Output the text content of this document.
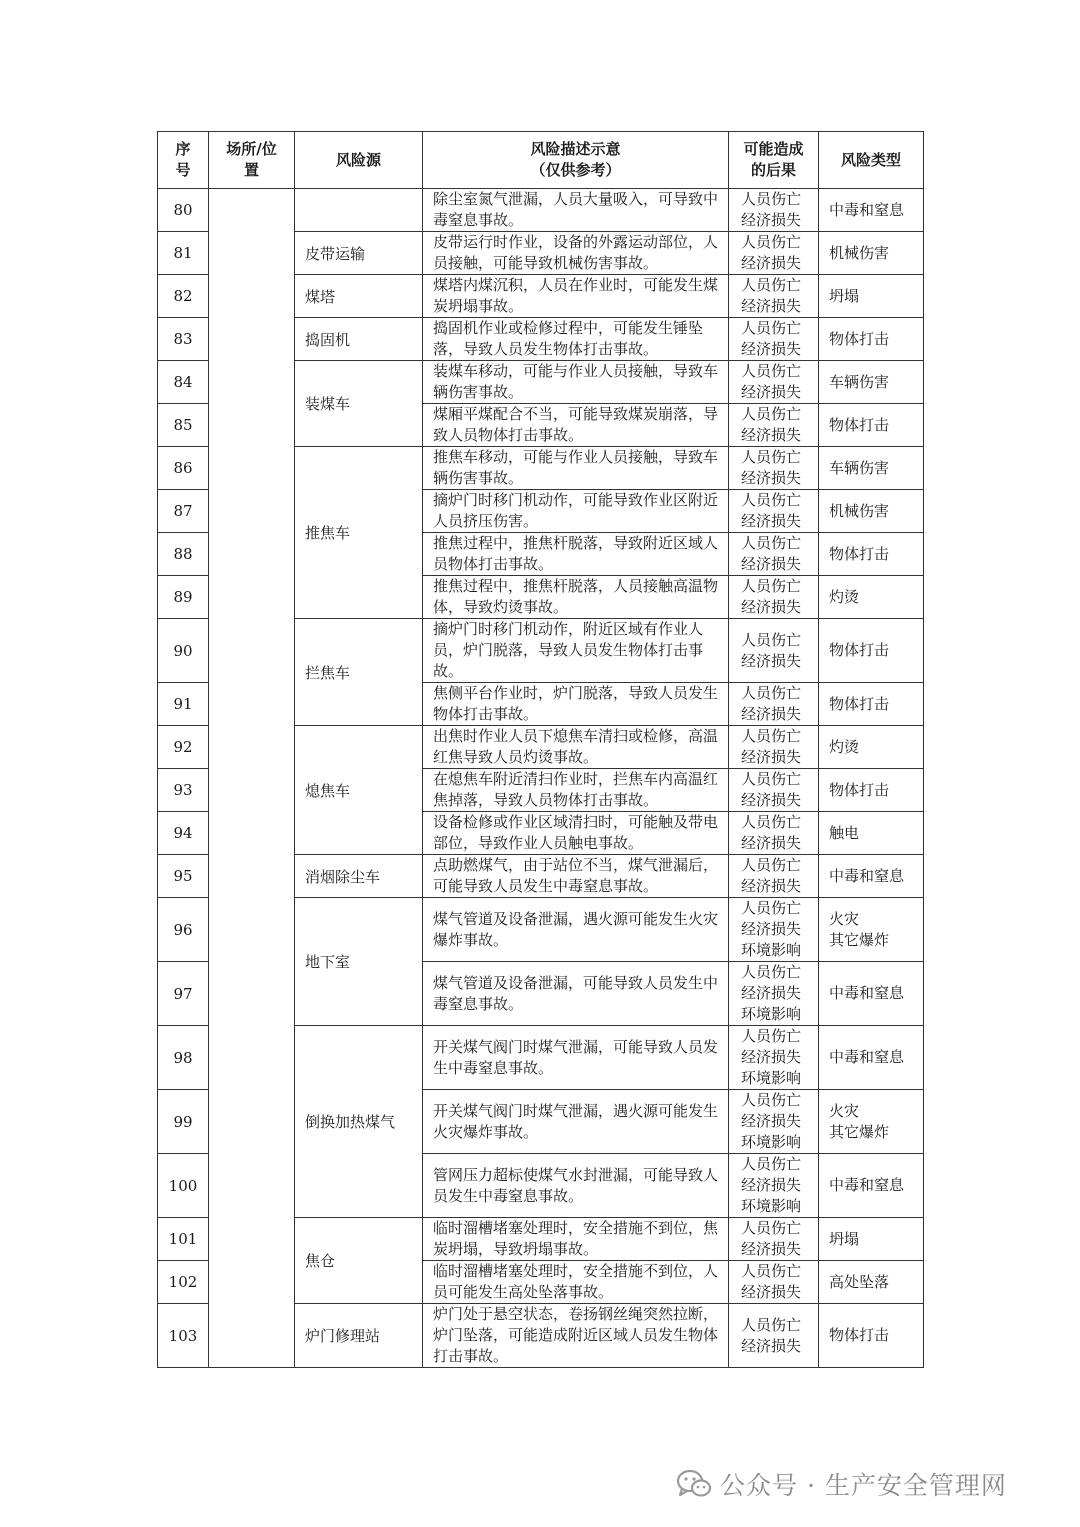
序号	场所/位置	风险源	风险描述示意
（仅供参考）	可能造成的后果	风险类型
80			除尘室氮气泄漏，人员大量吸入，可导致中毒窒息事故。	人员伤亡
经济损失	中毒和窒息
81		皮带运输	皮带运行时作业，设备的外露运动部位，人员接触，可能导致机械伤害事故。	人员伤亡
经济损失	机械伤害
82		煤塔	煤塔内煤沉积，人员在作业时，可能发生煤炭坍塌事故。	人员伤亡
经济损失	坍塌
83		捣固机	捣固机作业或检修过程中，可能发生锤坠落，导致人员发生物体打击事故。	人员伤亡
经济损失	物体打击
84		装煤车	装煤车移动，可能与作业人员接触，导致车辆伤害事故。	人员伤亡
经济损失	车辆伤害
85			煤厢平煤配合不当，可能导致煤炭崩落，导致人员物体打击事故。	人员伤亡
经济损失	物体打击
86		推焦车	推焦车移动，可能与作业人员接触，导致车辆伤害事故。	人员伤亡
经济损失	车辆伤害
87			摘炉门时移门机动作，可能导致作业区附近人员挤压伤害。	人员伤亡
经济损失	机械伤害
88			推焦过程中，推焦杆脱落，导致附近区域人员物体打击事故。	人员伤亡
经济损失	物体打击
89			推焦过程中，推焦杆脱落，人员接触高温物体，导致灼烫事故。	人员伤亡
经济损失	灼烫
90		拦焦车	摘炉门时移门机动作，附近区域有作业人员，炉门脱落，导致人员发生物体打击事故。	人员伤亡
经济损失	物体打击
91			焦侧平台作业时，炉门脱落，导致人员发生物体打击事故。	人员伤亡
经济损失	物体打击
92		熄焦车	出焦时作业人员下熄焦车清扫或检修，高温红焦导致人员灼烫事故。	人员伤亡
经济损失	灼烫
93			在熄焦车附近清扫作业时，拦焦车内高温红焦掉落，导致人员物体打击事故。	人员伤亡
经济损失	物体打击
94			设备检修或作业区域清扫时，可能触及带电部位，导致作业人员触电事故。	人员伤亡
经济损失	触电
95		消烟除尘车	点助燃煤气，由于站位不当，煤气泄漏后，可能导致人员发生中毒窒息事故。	人员伤亡
经济损失	中毒和窒息
96		地下室	煤气管道及设备泄漏，遇火源可能发生火灾爆炸事故。	人员伤亡
经济损失
环境影响	火灾
其它爆炸
97			煤气管道及设备泄漏，可能导致人员发生中毒窒息事故。	人员伤亡
经济损失
环境影响	中毒和窒息
98		倒换加热煤气	开关煤气阀门时煤气泄漏，可能导致人员发生中毒窒息事故。	人员伤亡
经济损失
环境影响	中毒和窒息
99			开关煤气阀门时煤气泄漏，遇火源可能发生火灾爆炸事故。	人员伤亡
经济损失
环境影响	火灾
其它爆炸
100			管网压力超标使煤气水封泄漏，可能导致人员发生中毒窒息事故。	人员伤亡
经济损失
环境影响	中毒和窒息
101		焦仓	临时溜槽堵塞处理时，安全措施不到位，焦炭坍塌，导致坍塌事故。	人员伤亡
经济损失	坍塌
102			临时溜槽堵塞处理时，安全措施不到位，人员可能发生高处坠落事故。	人员伤亡
经济损失	高处坠落
103		炉门修理站	炉门处于悬空状态，卷扬钢丝绳突然拉断，炉门坠落，可能造成附近区域人员发生物体打击事故。	人员伤亡
经济损失	物体打击
公众号 · 生产安全管理网
